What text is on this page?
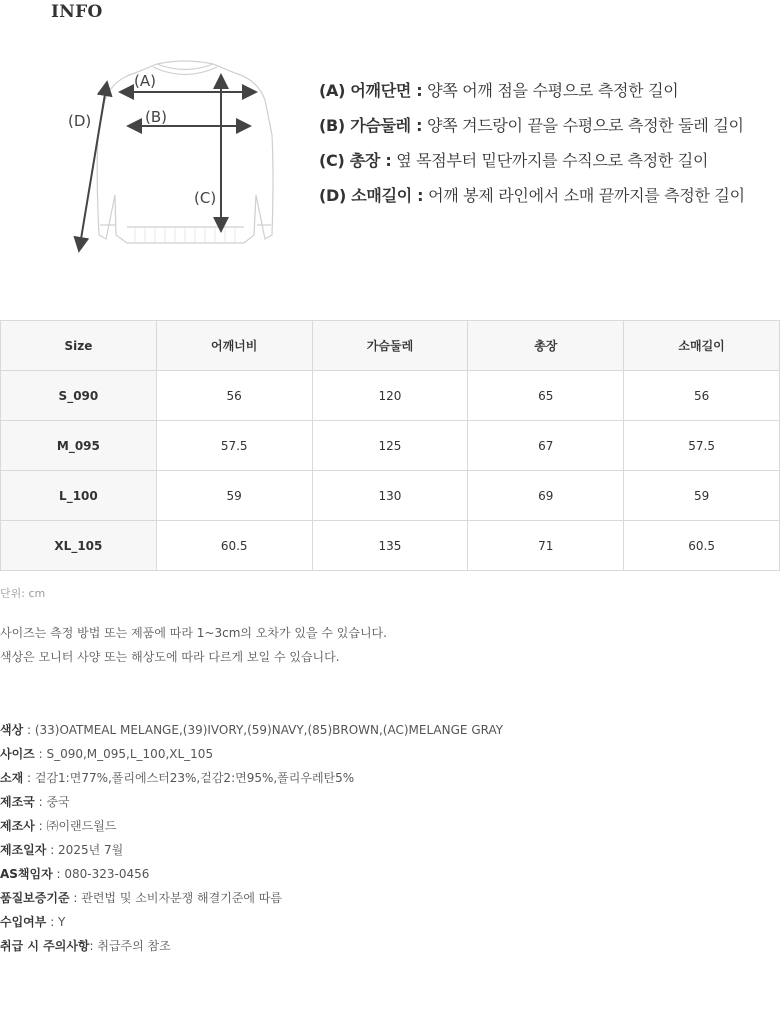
INFO
(A)
(B)
(C)
(D)
(A) 어깨단면 : 양쪽 어깨 점을 수평으로 측정한 길이
(B) 가슴둘레 : 양쪽 겨드랑이 끝을 수평으로 측정한 둘레 길이
(C) 총장 : 옆 목점부터 밑단까지를 수직으로 측정한 길이
(D) 소매길이 : 어깨 봉제 라인에서 소매 끝까지를 측정한 길이
Size	어깨너비	가슴둘레	총장	소매길이
S_090	56	120	65	56
M_095	57.5	125	67	57.5
L_100	59	130	69	59
XL_105	60.5	135	71	60.5

단위: cm

사이즈는 측정 방법 또는 제품에 따라 1~3cm의 오차가 있을 수 있습니다.

색상은 모니터 사양 또는 해상도에 따라 다르게 보일 수 있습니다.

색상 : (33)OATMEAL MELANGE,(39)IVORY,(59)NAVY,(85)BROWN,(AC)MELANGE GRAY
사이즈 : S_090,M_095,L_100,XL_105
소재 : 겉감1:면77%,폴리에스터23%,겉감2:면95%,폴리우레탄5%
제조국 : 중국
제조사 : ㈜이랜드월드
제조일자 : 2025년 7월
AS책임자 : 080-323-0456
품질보증기준 : 관련법 및 소비자분쟁 해결기준에 따름
수입여부 : Y
취급 시 주의사항: 취급주의 참조
